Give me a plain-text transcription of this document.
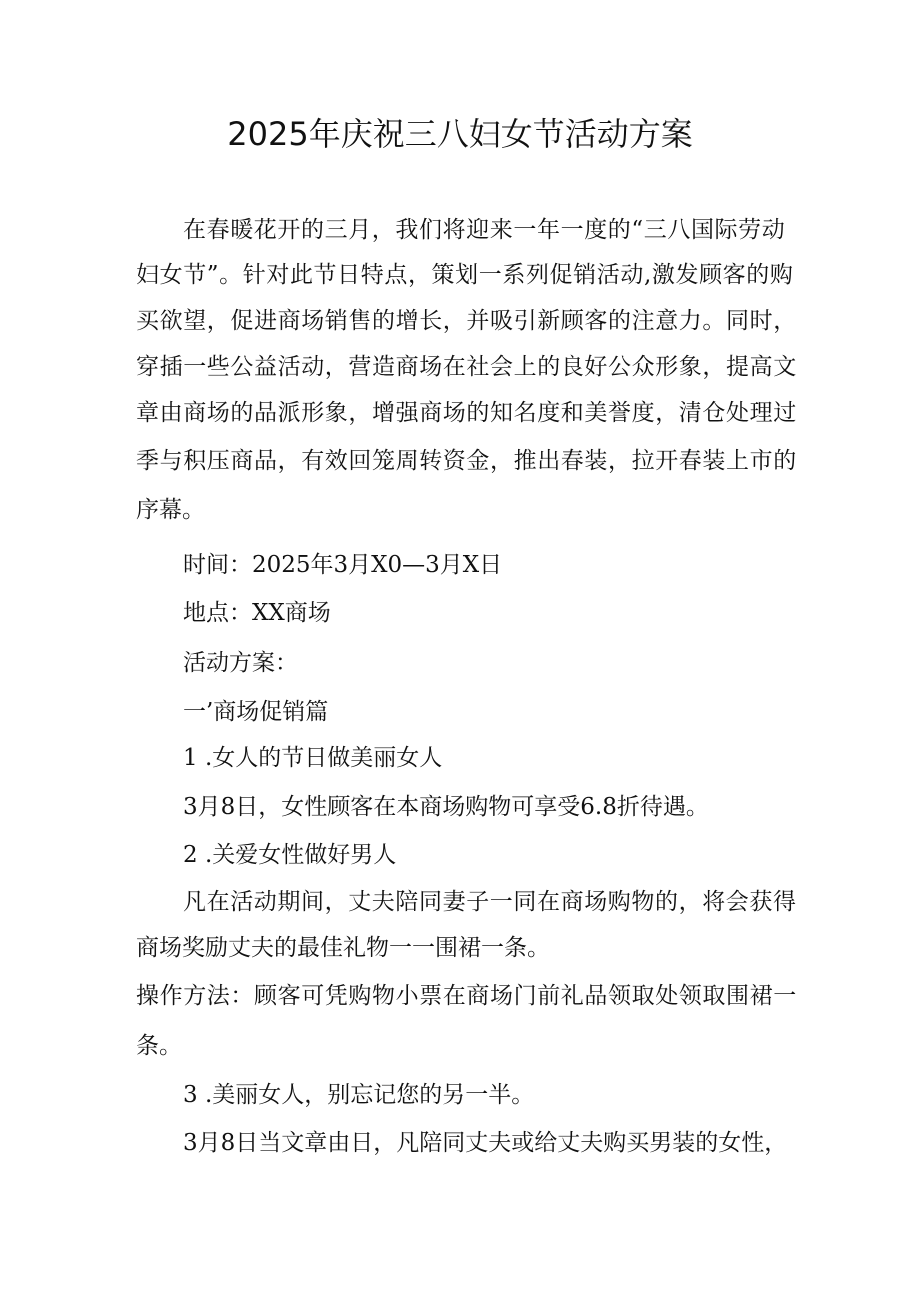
2025年庆祝三八妇女节活动方案

在春暖花开的三月，我们将迎来一年一度的“三八国际劳动

妇女节”。针对此节日特点，策划一系列促销活动,激发顾客的购

买欲望，促进商场销售的增长，并吸引新顾客的注意力。同时，

穿插一些公益活动，营造商场在社会上的良好公众形象，提高文

章由商场的品派形象，增强商场的知名度和美誉度，清仓处理过

季与积压商品，有效回笼周转资金，推出春装，拉开春装上市的

序幕。

时间：2025年3月X0—3月X日

地点：XX商场

活动方案：

一’商场促销篇

1 .女人的节日做美丽女人

3月8日，女性顾客在本商场购物可享受6.8折待遇。

2 .关爱女性做好男人

凡在活动期间，丈夫陪同妻子一同在商场购物的，将会获得

商场奖励丈夫的最佳礼物一一围裙一条。

操作方法：顾客可凭购物小票在商场门前礼品领取处领取围裙一

条。

3 .美丽女人，别忘记您的另一半。

3月8日当文章由日，凡陪同丈夫或给丈夫购买男装的女性，
